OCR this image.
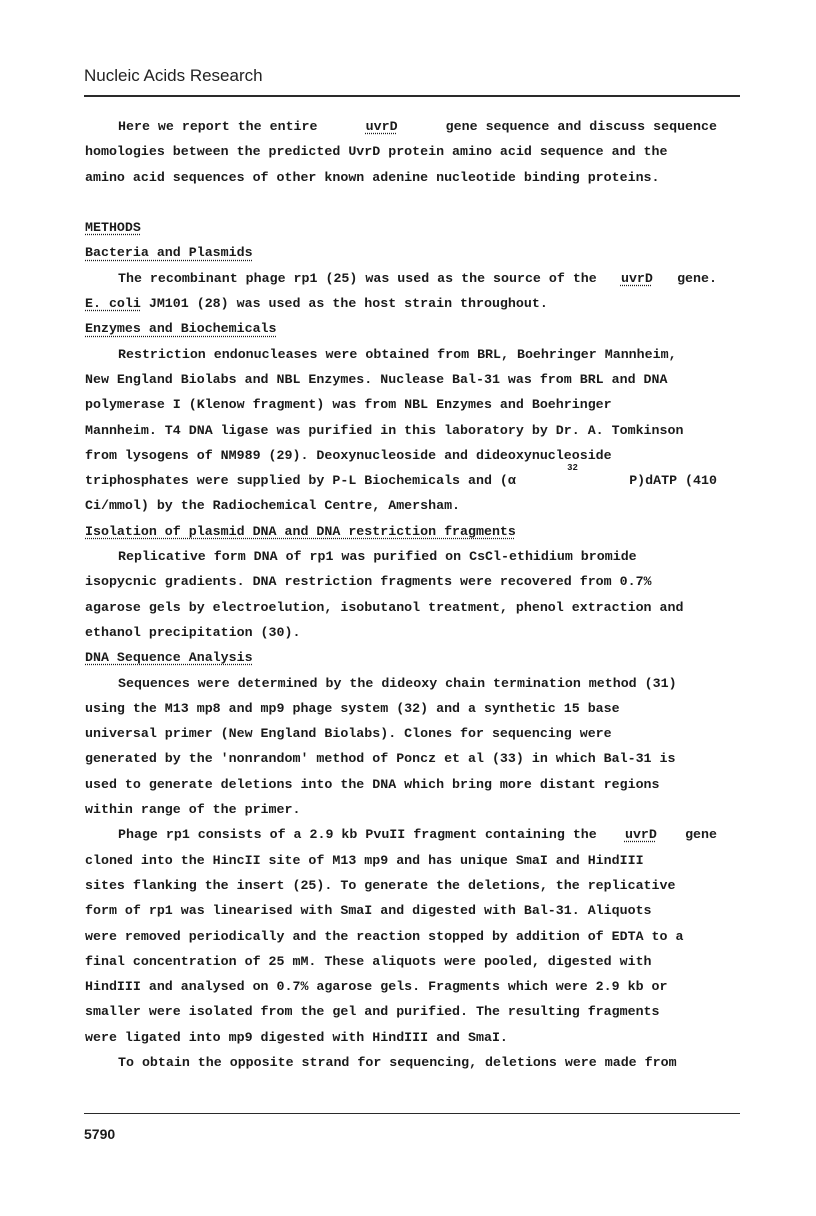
Nucleic Acids Research
Here we report the entire	uvrD	gene sequence and discuss sequence
homologies between the predicted UvrD protein amino acid sequence and the
amino acid sequences of other known adenine nucleotide binding proteins.
METHODS
Bacteria and Plasmids
The recombinant phage rp1 (25) was used as the source of the uvrD gene.
E. coli JM101 (28) was used as the host strain throughout.
Enzymes and Biochemicals
Restriction endonucleases were obtained from BRL, Boehringer Mannheim,
New England Biolabs and NBL Enzymes. Nuclease Bal-31 was from BRL and DNA
polymerase I (Klenow fragment) was from NBL Enzymes and Boehringer
Mannheim. T4 DNA ligase was purified in this laboratory by Dr. A. Tomkinson
from lysogens of NM989 (29). Deoxynucleoside and dideoxynucleoside
triphosphates were supplied by P-L Biochemicals and (α
32
P)dATP (410
Ci/mmol) by the Radiochemical Centre, Amersham.
Isolation of plasmid DNA and DNA restriction fragments
Replicative form DNA of rp1 was purified on CsCl-ethidium bromide
isopycnic gradients. DNA restriction fragments were recovered from 0.7%
agarose gels by electroelution, isobutanol treatment, phenol extraction and
ethanol precipitation (30).
DNA Sequence Analysis
Sequences were determined by the dideoxy chain termination method (31)
using the M13 mp8 and mp9 phage system (32) and a synthetic 15 base
universal primer (New England Biolabs). Clones for sequencing were
generated by the 'nonrandom' method of Poncz et al (33) in which Bal-31 is
used to generate deletions into the DNA which bring more distant regions
within range of the primer.
Phage rp1 consists of a 2.9 kb PvuII fragment containing the uvrD gene
cloned into the HincII site of M13 mp9 and has unique SmaI and HindIII
sites flanking the insert (25). To generate the deletions, the replicative
form of rp1 was linearised with SmaI and digested with Bal-31. Aliquots
were removed periodically and the reaction stopped by addition of EDTA to a
final concentration of 25 mM. These aliquots were pooled, digested with
HindIII and analysed on 0.7% agarose gels. Fragments which were 2.9 kb or
smaller were isolated from the gel and purified. The resulting fragments
were ligated into mp9 digested with HindIII and SmaI.
To obtain the opposite strand for sequencing, deletions were made from
5790
